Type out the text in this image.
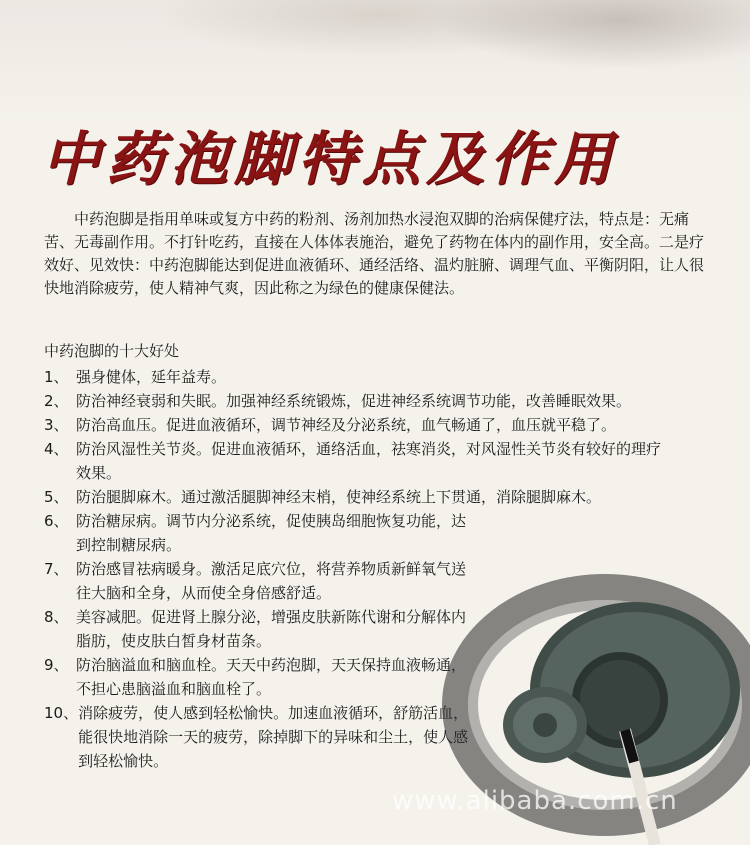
中药泡脚特点及作用
中药泡脚是指用单味或复方中药的粉剂、汤剂加热水浸泡双脚的治病保健疗法，特点是：无痛苦、无毒副作用。不打针吃药，直接在人体体表施治，避免了药物在体内的副作用，安全高。二是疗效好、见效快：中药泡脚能达到促进血液循环、通经活络、温灼脏腑、调理气血、平衡阴阳，让人很快地消除疲劳，使人精神气爽，因此称之为绿色的健康保健法。
中药泡脚的十大好处
1、　 强身健体，延年益寿。
2、　 防治神经衰弱和失眠。加强神经系统锻炼，促进神经系统调节功能，改善睡眠效果。
3、　 防治高血压。促进血液循环，调节神经及分泌系统，血气畅通了，血压就平稳了。
4、　 防治风湿性关节炎。促进血液循环，通络活血，祛寒消炎，对风湿性关节炎有较好的理疗效果。
5、　 防治腿脚麻木。通过激活腿脚神经末梢，使神经系统上下贯通，消除腿脚麻木。
6、　 防治糖尿病。调节内分泌系统，促使胰岛细胞恢复功能，达到控制糖尿病。
7、　 防治感冒祛病暖身。激活足底穴位，将营养物质新鲜氧气送往大脑和全身，从而使全身倍感舒适。
8、　 美容减肥。促进肾上腺分泌，增强皮肤新陈代谢和分解体内脂肪，使皮肤白皙身材苗条。
9、　 防治脑溢血和脑血栓。天天中药泡脚，天天保持血液畅通，不担心患脑溢血和脑血栓了。
10、 消除疲劳，使人感到轻松愉快。加速血液循环，舒筋活血，能很快地消除一天的疲劳，除掉脚下的异味和尘土，使人感到轻松愉快。
www.alibaba.com.cn
